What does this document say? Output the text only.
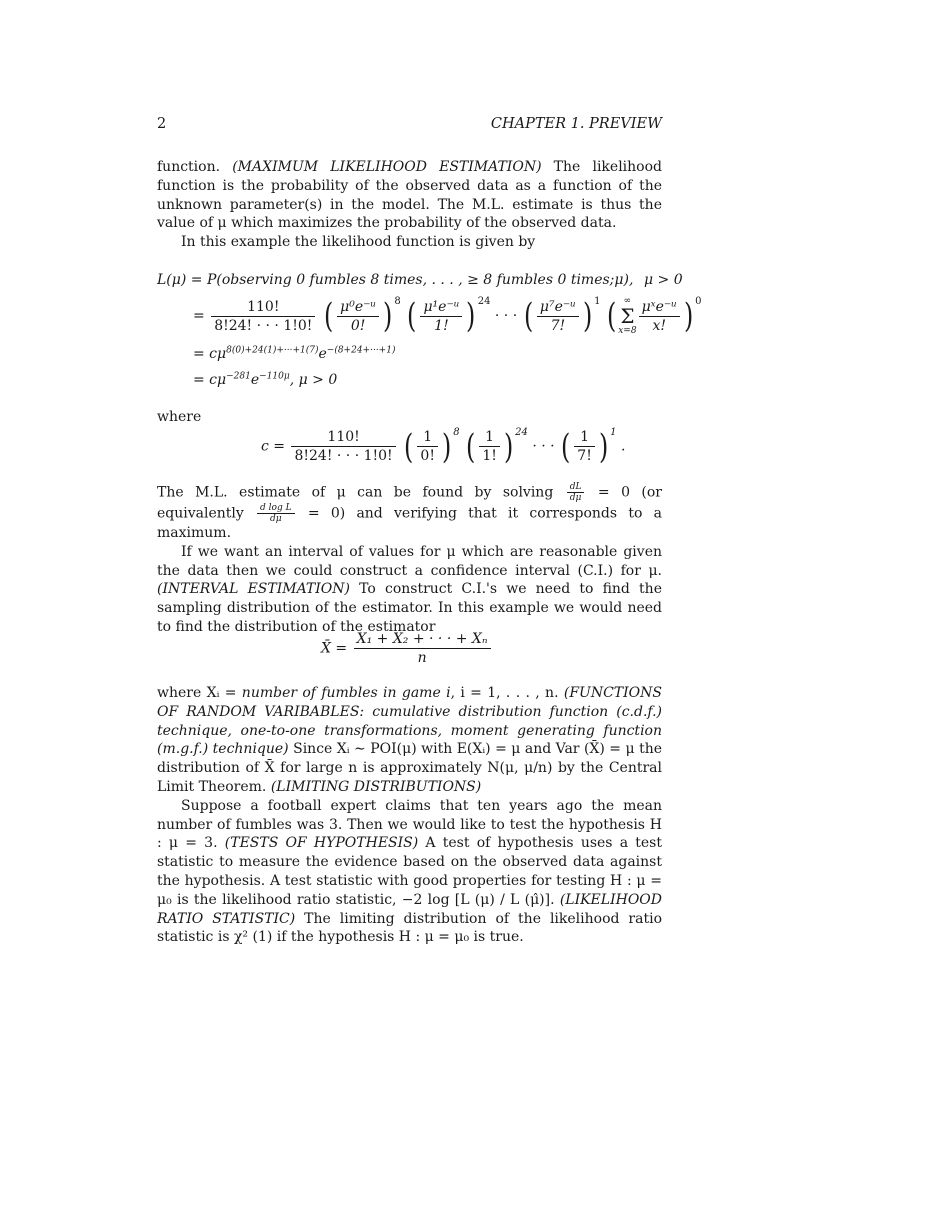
2	CHAPTER 1. PREVIEW

function. (MAXIMUM LIKELIHOOD ESTIMATION) The likelihood function is the probability of the observed data as a function of the unknown parameter(s) in the model. The M.L. estimate is thus the value of μ which maximizes the probability of the observed data.

In this example the likelihood function is given by

L(μ) = P(observing 0 fumbles 8 times, . . . , ≥ 8 fumbles 0 times;μ), μ > 0
= $\frac{110!}{8!24! \cdot \cdot \cdot 1!0!}$ ( $\frac{\text{μ⁰e⁻ᵘ}}{0!}$ ) $^8$ ( $\frac{\text{μ¹e⁻ᵘ}}{1!}$ ) $^{24}$ · · · ( $\frac{\text{μ⁷e⁻ᵘ}}{7!}$ ) $^1$ ( ∞
Σ
$x=8 \frac{\text{μˣe⁻ᵘ}}{x!}$ ) $^0$
= $c\mu^{8(0)+24(1)+\cdot\cdot\cdot+1(7)}e^{-(8+24+\cdot\cdot\cdot+1)}$
= $c\mu^{-281}e^{-110\mu}$, μ > 0
where
$c = \frac{110!}{8!24! \cdot \cdot \cdot 1!0!}$ ( $\frac{1}{0!}$ ) $^8$ ( $\frac{1}{1!}$ ) $^{24}$ · · · ( $\frac{1}{7!}$ ) $^1$ .

The M.L. estimate of μ can be found by solving $\frac{dL}{d\mu} = 0$ (or equivalently $\frac{\text{d log L}}{d\mu} = 0$) and verifying that it corresponds to a maximum.

If we want an interval of values for μ which are reasonable given the data then we could construct a confidence interval (C.I.) for μ. (INTERVAL ESTIMATION) To construct C.I.'s we need to find the sampling distribution of the estimator. In this example we would need to find the distribution of the estimator

X̄ = $\frac{\text{X₁ + X₂ + · · · + Xₙ}}{n}$

where Xᵢ = number of fumbles in game i, i = 1, . . . , n. (FUNCTIONS OF RANDOM VARIBABLES: cumulative distribution function (c.d.f.) technique, one-to-one transformations, moment generating function (m.g.f.) technique) Since Xᵢ ∼ POI(μ) with E(Xᵢ) = μ and Var (X̄) = μ the distribution of X̄ for large n is approximately N(μ, μ/n) by the Central Limit Theorem. (LIMITING DISTRIBUTIONS)

Suppose a football expert claims that ten years ago the mean number of fumbles was 3. Then we would like to test the hypothesis H : μ = 3. (TESTS OF HYPOTHESIS) A test of hypothesis uses a test statistic to measure the evidence based on the observed data against the hypothesis. A test statistic with good properties for testing H : μ = μ₀ is the likelihood ratio statistic, −2 log [L (μ) / L (μ̂)]. (LIKELIHOOD RATIO STATISTIC) The limiting distribution of the likelihood ratio statistic is χ² (1) if the hypothesis H : μ = μ₀ is true.
